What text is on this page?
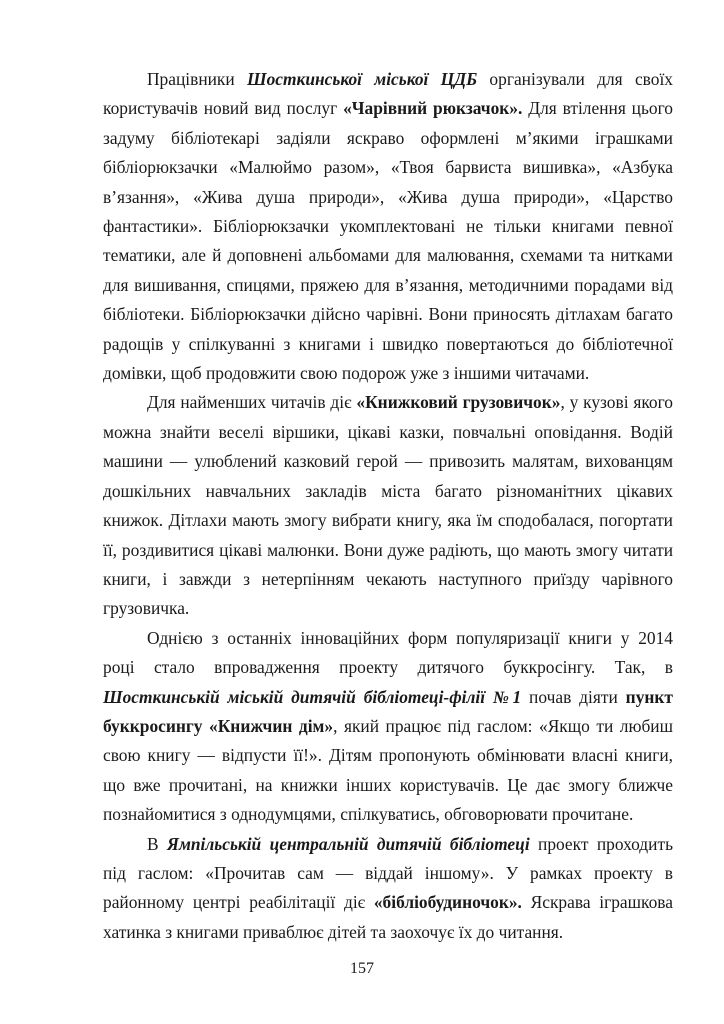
Працівники Шосткинської міської ЦДБ організували для своїх користувачів новий вид послуг «Чарівний рюкзачок». Для втілення цього задуму бібліотекарі задіяли яскраво оформлені м’якими іграшками бібліорюкзачки «Малюймо разом», «Твоя барвиста вишивка», «Азбука в’язання», «Жива душа природи», «Жива душа природи», «Царство фантастики». Бібліорюкзачки укомплектовані не тільки книгами певної тематики, але й доповнені альбомами для малювання, схемами та нитками для вишивання, спицями, пряжею для в’язання, методичними порадами від бібліотеки. Бібліорюкзачки дійсно чарівні. Вони приносять дітлахам багато радощів у спілкуванні з книгами і швидко повертаються до бібліотечної домівки, щоб продовжити свою подорож уже з іншими читачами.

Для найменших читачів діє «Книжковий грузовичок», у кузові якого можна знайти веселі віршики, цікаві казки, повчальні оповідання. Водій машини — улюблений казковий герой — привозить малятам, вихованцям дошкільних навчальних закладів міста багато різноманітних цікавих книжок. Дітлахи мають змогу вибрати книгу, яка їм сподобалася, погортати її, роздивитися цікаві малюнки. Вони дуже радіють, що мають змогу читати книги, і завжди з нетерпінням чекають наступного приїзду чарівного грузовичка.

Однією з останніх інноваційних форм популяризації книги у 2014 році стало впровадження проекту дитячого буккросінгу. Так, в Шосткинській міській дитячій бібліотеці-філії №1 почав діяти пункт буккросингу «Книжчин дім», який працює під гаслом: «Якщо ти любиш свою книгу — відпусти її!». Дітям пропонують обмінювати власні книги, що вже прочитані, на книжки інших користувачів. Це дає змогу ближче познайомитися з однодумцями, спілкуватись, обговорювати прочитане.

В Ямпільській центральній дитячій бібліотеці проект проходить під гаслом: «Прочитав сам — віддай іншому». У рамках проекту в районному центрі реабілітації діє «бібліобудиночок». Яскрава іграшкова хатинка з книгами приваблює дітей та заохочує їх до читання.

157
